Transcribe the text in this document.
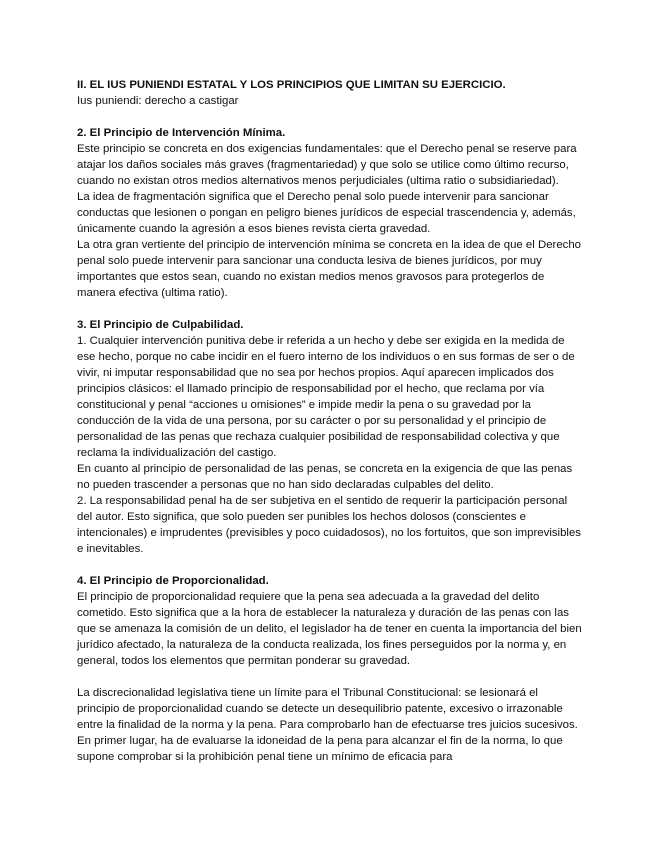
II. EL IUS PUNIENDI ESTATAL Y LOS PRINCIPIOS QUE LIMITAN SU EJERCICIO.

Ius puniendi: derecho a castigar

2. El Principio de Intervención Mínima.

Este principio se concreta en dos exigencias fundamentales: que el Derecho penal se reserve para atajar los daños sociales más graves (fragmentariedad) y que solo se utilice como último recurso, cuando no existan otros medios alternativos menos perjudiciales (ultima ratio o subsidiariedad).

La idea de fragmentación significa que el Derecho penal solo puede intervenir para sancionar conductas que lesionen o pongan en peligro bienes jurídicos de especial trascendencia y, además, únicamente cuando la agresión a esos bienes revista cierta gravedad.

La otra gran vertiente del principio de intervención mínima se concreta en la idea de que el Derecho penal solo puede intervenir para sancionar una conducta lesiva de bienes jurídicos, por muy importantes que estos sean, cuando no existan medios menos gravosos para protegerlos de manera efectiva (ultima ratio).

3. El Principio de Culpabilidad.

1. Cualquier intervención punitiva debe ir referida a un hecho y debe ser exigida en la medida de ese hecho, porque no cabe incidir en el fuero interno de los individuos o en sus formas de ser o de vivir, ni imputar responsabilidad que no sea por hechos propios. Aquí aparecen implicados dos principios clásicos: el llamado principio de responsabilidad por el hecho, que reclama por vía constitucional y penal “acciones u omisiones” e impide medir la pena o su gravedad por la conducción de la vida de una persona, por su carácter o por su personalidad y el principio de personalidad de las penas que rechaza cualquier posibilidad de responsabilidad colectiva y que reclama la individualización del castigo.

En cuanto al principio de personalidad de las penas, se concreta en la exigencia de que las penas no pueden trascender a personas que no han sido declaradas culpables del delito.

2. La responsabilidad penal ha de ser subjetiva en el sentido de requerir la participación personal del autor. Esto significa, que solo pueden ser punibles los hechos dolosos (conscientes e intencionales) e imprudentes (previsibles y poco cuidadosos), no los fortuitos, que son imprevisibles e inevitables.

4. El Principio de Proporcionalidad.

El principio de proporcionalidad requiere que la pena sea adecuada a la gravedad del delito cometido. Esto significa que a la hora de establecer la naturaleza y duración de las penas con las que se amenaza la comisión de un delito, el legislador ha de tener en cuenta la importancia del bien jurídico afectado, la naturaleza de la conducta realizada, los fines perseguidos por la norma y, en general, todos los elementos que permitan ponderar su gravedad.

La discrecionalidad legislativa tiene un límite para el Tribunal Constitucional: se lesionará el principio de proporcionalidad cuando se detecte un desequilibrio patente, excesivo o irrazonable entre la finalidad de la norma y la pena. Para comprobarlo han de efectuarse tres juicios sucesivos. En primer lugar, ha de evaluarse la idoneidad de la pena para alcanzar el fin de la norma, lo que supone comprobar si la prohibición penal tiene un mínimo de eficacia para
